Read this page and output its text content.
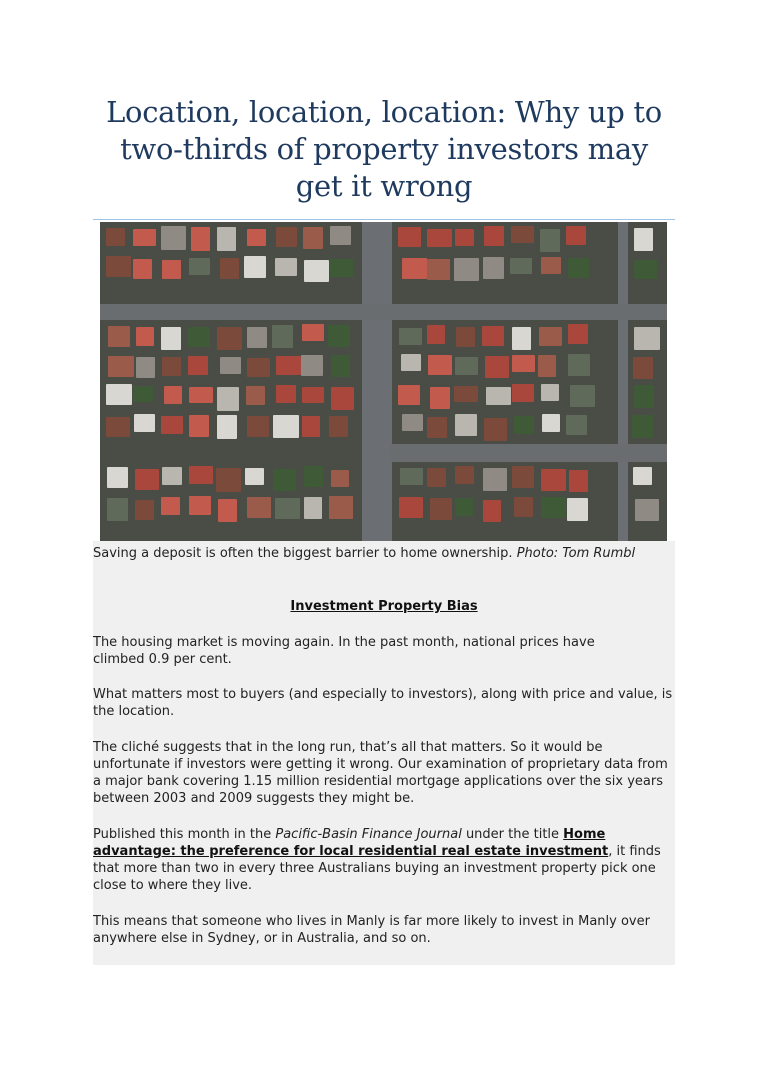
Location, location, location: Why up to two-thirds of property investors may get it wrong
Saving a deposit is often the biggest barrier to home ownership. Photo: Tom Rumbl
Investment Property Bias

The housing market is moving again. In the past month, national prices have climbed 0.9 per cent.

What matters most to buyers (and especially to investors), along with price and value, is the location.

The cliché suggests that in the long run, that’s all that matters. So it would be unfortunate if investors were getting it wrong. Our examination of proprietary data from a major bank covering 1.15 million residential mortgage applications over the six years between 2003 and 2009 suggests they might be.

Published this month in the Pacific-Basin Finance Journal under the title Home advantage: the preference for local residential real estate investment, it finds that more than two in every three Australians buying an investment property pick one close to where they live.

This means that someone who lives in Manly is far more likely to invest in Manly over anywhere else in Sydney, or in Australia, and so on.
